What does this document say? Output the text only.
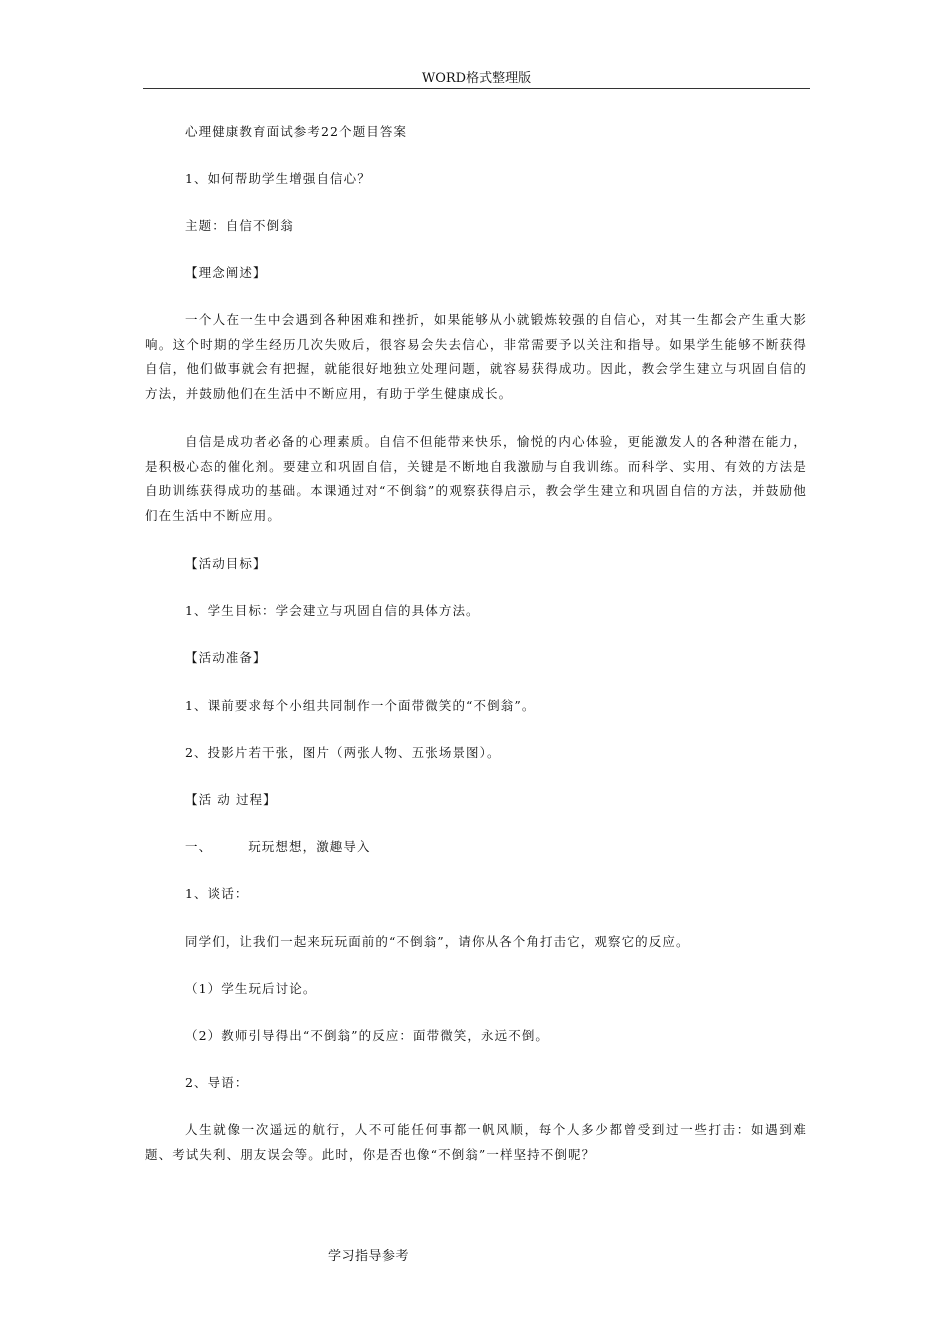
WORD格式整理版
心理健康教育面试参考22个题目答案
1、如何帮助学生增强自信心？
主题：自信不倒翁
【理念阐述】
一个人在一生中会遇到各种困难和挫折，如果能够从小就锻炼较强的自信心，对其一生都会产生重大影响。这个时期的学生经历几次失败后，很容易会失去信心，非常需要予以关注和指导。如果学生能够不断获得自信，他们做事就会有把握，就能很好地独立处理问题，就容易获得成功。因此，教会学生建立与巩固自信的方法，并鼓励他们在生活中不断应用，有助于学生健康成长。
自信是成功者必备的心理素质。自信不但能带来快乐，愉悦的内心体验，更能激发人的各种潜在能力，是积极心态的催化剂。要建立和巩固自信，关键是不断地自我激励与自我训练。而科学、实用、有效的方法是自助训练获得成功的基础。本课通过对“不倒翁”的观察获得启示，教会学生建立和巩固自信的方法，并鼓励他们在生活中不断应用。
【活动目标】
1、学生目标：学会建立与巩固自信的具体方法。
【活动准备】
1、课前要求每个小组共同制作一个面带微笑的“不倒翁”。
2、投影片若干张，图片（两张人物、五张场景图）。
【活 动 过程】
一、	玩玩想想，激趣导入
1、谈话：
同学们，让我们一起来玩玩面前的“不倒翁”，请你从各个角打击它，观察它的反应。
（1）学生玩后讨论。
（2）教师引导得出“不倒翁”的反应：面带微笑，永远不倒。
2、导语：
人生就像一次遥远的航行，人不可能任何事都一帆风顺，每个人多少都曾受到过一些打击：如遇到难题、考试失利、朋友误会等。此时，你是否也像“不倒翁”一样坚持不倒呢？
学习指导参考
